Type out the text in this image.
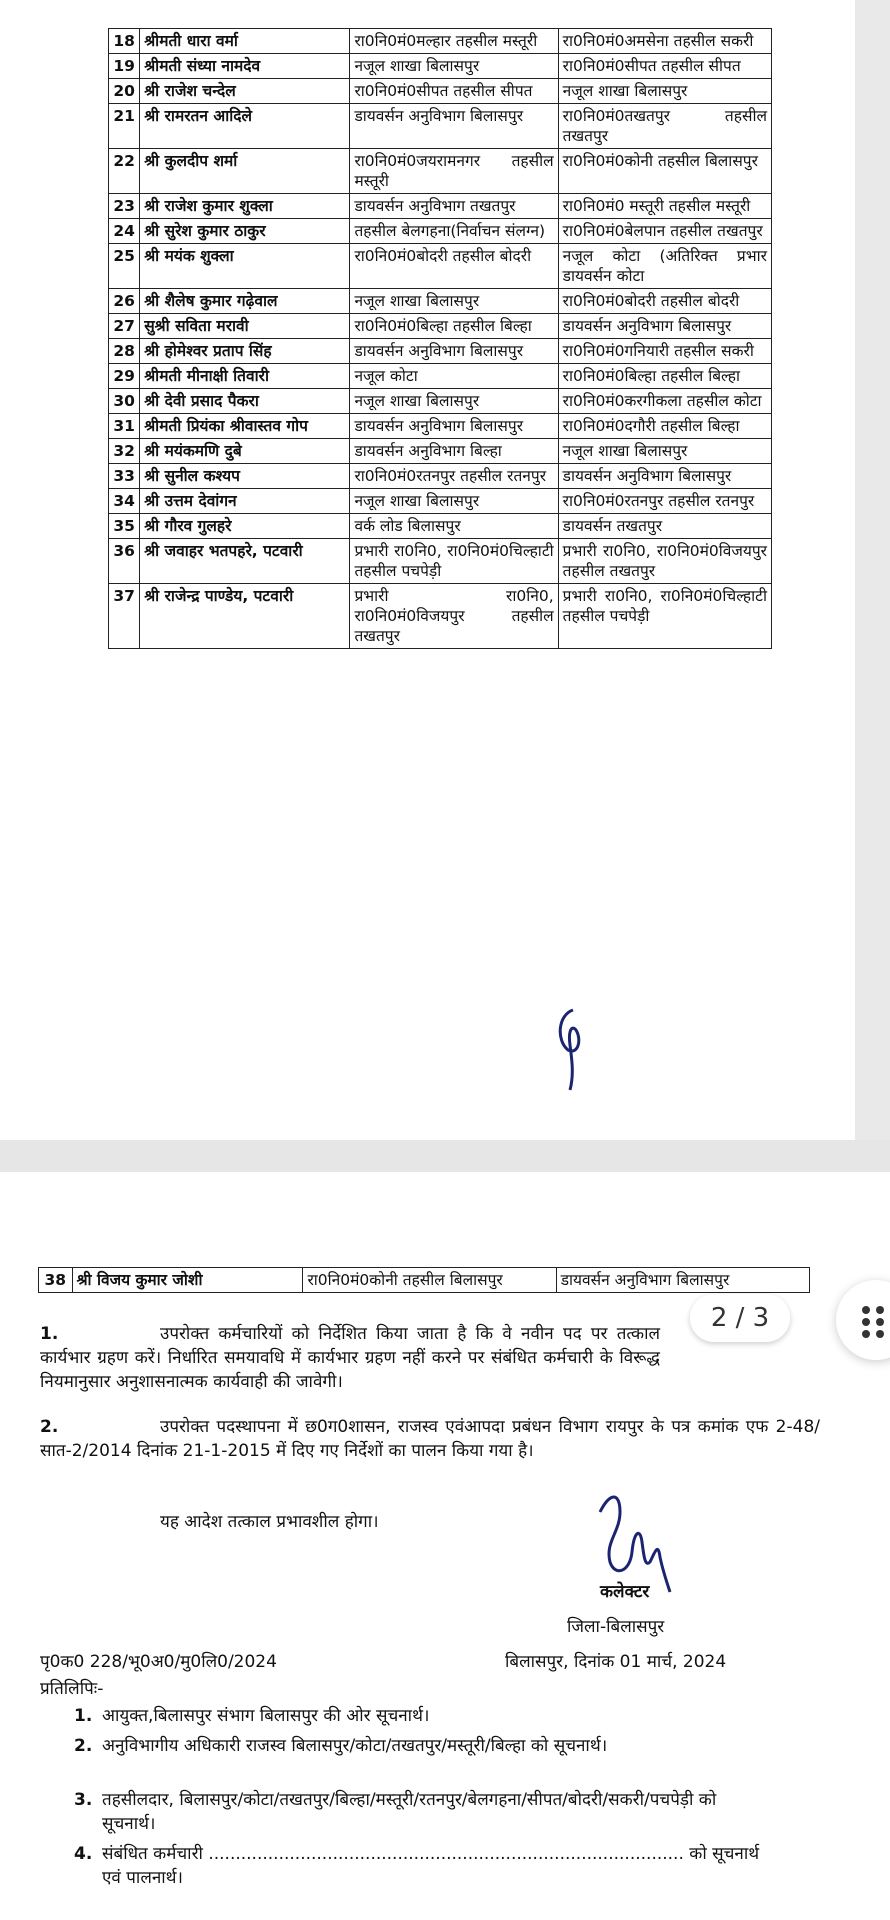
18	श्रीमती धारा वर्मा	रा0नि0मं0मल्हार तहसील मस्तूरी	रा0नि0मं0अमसेना तहसील सकरी
19	श्रीमती संध्या नामदेव	नजूल शाखा बिलासपुर	रा0नि0मं0सीपत तहसील सीपत
20	श्री राजेश चन्देल	रा0नि0मं0सीपत तहसील सीपत	नजूल शाखा बिलासपुर
21	श्री रामरतन आदिले	डायवर्सन अनुविभाग बिलासपुर	रा0नि0मं0तखतपुर तहसील तखतपुर
22	श्री कुलदीप शर्मा	रा0नि0मं0जयरामनगर तहसील मस्तूरी	रा0नि0मं0कोनी तहसील बिलासपुर
23	श्री राजेश कुमार शुक्ला	डायवर्सन अनुविभाग तखतपुर	रा0नि0मं0 मस्तूरी तहसील मस्तूरी
24	श्री सुरेश कुमार ठाकुर	तहसील बेलगहना(निर्वाचन संलग्न)	रा0नि0मं0बेलपान तहसील तखतपुर
25	श्री मयंक शुक्ला	रा0नि0मं0बोदरी तहसील बोदरी	नजूल कोटा (अतिरिक्त प्रभार डायवर्सन कोटा
26	श्री शैलेष कुमार गढ़ेवाल	नजूल शाखा बिलासपुर	रा0नि0मं0बोदरी तहसील बोदरी
27	सुश्री सविता मरावी	रा0नि0मं0बिल्हा तहसील बिल्हा	डायवर्सन अनुविभाग बिलासपुर
28	श्री होमेश्वर प्रताप सिंह	डायवर्सन अनुविभाग बिलासपुर	रा0नि0मं0गनियारी तहसील सकरी
29	श्रीमती मीनाक्षी तिवारी	नजूल कोटा	रा0नि0मं0बिल्हा तहसील बिल्हा
30	श्री देवी प्रसाद पैकरा	नजूल शाखा बिलासपुर	रा0नि0मं0करगीकला तहसील कोटा
31	श्रीमती प्रियंका श्रीवास्तव गोप	डायवर्सन अनुविभाग बिलासपुर	रा0नि0मं0दगौरी तहसील बिल्हा
32	श्री मयंकमणि दुबे	डायवर्सन अनुविभाग बिल्हा	नजूल शाखा बिलासपुर
33	श्री सुनील कश्यप	रा0नि0मं0रतनपुर तहसील रतनपुर	डायवर्सन अनुविभाग बिलासपुर
34	श्री उत्तम देवांगन	नजूल शाखा बिलासपुर	रा0नि0मं0रतनपुर तहसील रतनपुर
35	श्री गौरव गुलहरे	वर्क लोड बिलासपुर	डायवर्सन तखतपुर
36	श्री जवाहर भतपहरे, पटवारी	प्रभारी रा0नि0, रा0नि0मं0चिल्हाटी तहसील पचपेड़ी	प्रभारी रा0नि0, रा0नि0मं0विजयपुर तहसील तखतपुर
37	श्री राजेन्द्र पाण्डेय, पटवारी	प्रभारी रा0नि0, रा0नि0मं0विजयपुर तहसील तखतपुर	प्रभारी रा0नि0, रा0नि0मं0चिल्हाटी तहसील पचपेड़ी
38	श्री विजय कुमार जोशी	रा0नि0मं0कोनी तहसील बिलासपुर	डायवर्सन अनुविभाग बिलासपुर
2 / 3
1.	उपरोक्त कर्मचारियों को निर्देशित किया जाता है कि वे नवीन पद पर तत्काल कार्यभार ग्रहण करें। निर्धारित समयावधि में कार्यभार ग्रहण नहीं करने पर संबंधित कर्मचारी के विरूद्ध नियमानुसार अनुशासनात्मक कार्यवाही की जावेगी।
2.	उपरोक्त पदस्थापना में छ0ग0शासन, राजस्व एवंआपदा प्रबंधन विभाग रायपुर के पत्र कमांक एफ 2-48/सात-2/2014 दिनांक 21-1-2015 में दिए गए निर्देशों का पालन किया गया है।
यह आदेश तत्काल प्रभावशील होगा।
कलेक्टर
जिला-बिलासपुर
पृ0क0 228/भू0अ0/मु0लि0/2024	बिलासपुर, दिनांक 01 मार्च, 2024
प्रतिलिपिः-
1. आयुक्त,बिलासपुर संभाग बिलासपुर की ओर सूचनार्थ।
2. अनुविभागीय अधिकारी राजस्व बिलासपुर/कोटा/तखतपुर/मस्तूरी/बिल्हा को सूचनार्थ।
3. तहसीलदार, बिलासपुर/कोटा/तखतपुर/बिल्हा/मस्तूरी/रतनपुर/बेलगहना/सीपत/बोदरी/सकरी/पचपेड़ी को सूचनार्थ।
4. संबंधित कर्मचारी ........................................................................................ को सूचनार्थ एवं पालनार्थ।
